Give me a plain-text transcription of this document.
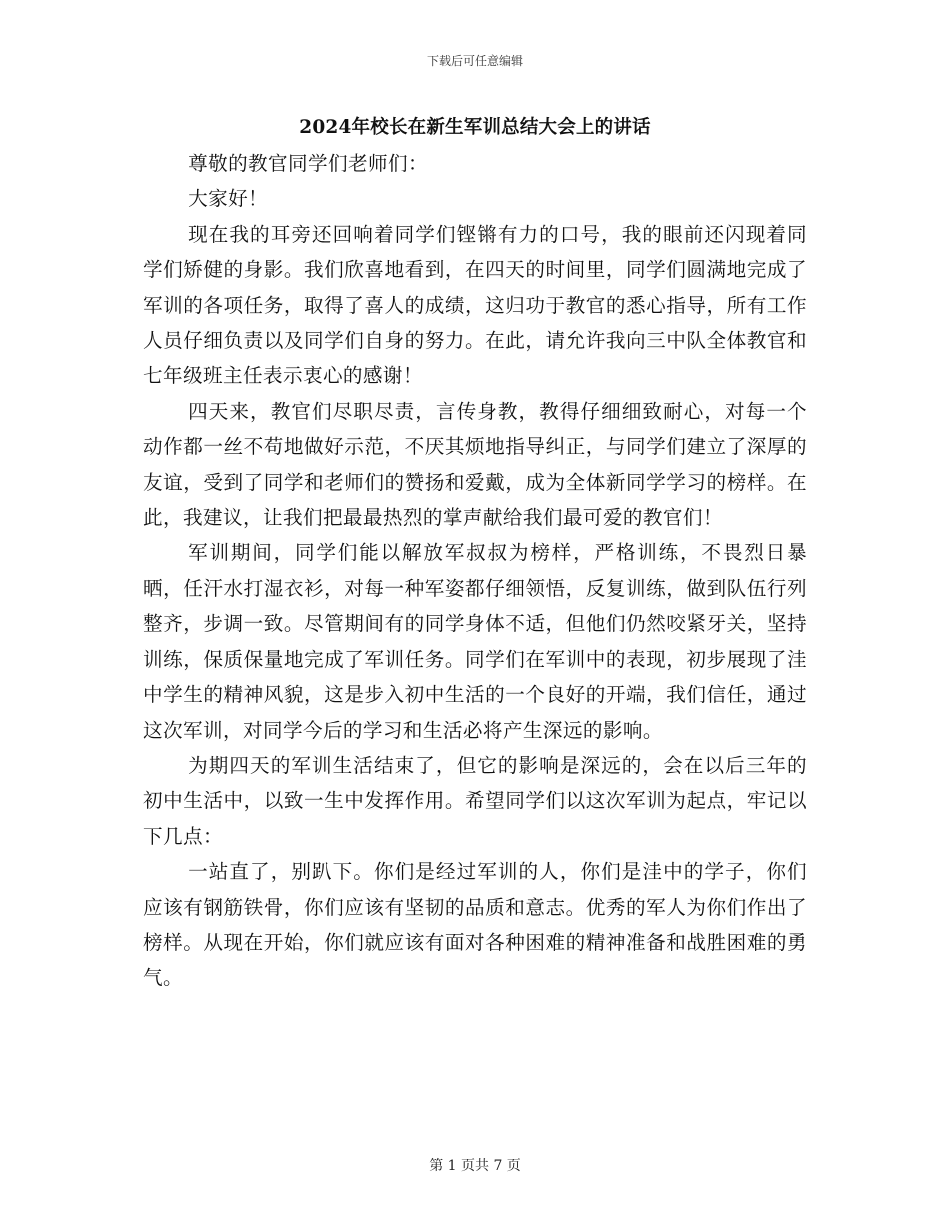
下载后可任意编辑
2024年校长在新生军训总结大会上的讲话

尊敬的教官同学们老师们：

大家好！

现在我的耳旁还回响着同学们铿锵有力的口号，我的眼前还闪现着同学们矫健的身影。我们欣喜地看到，在四天的时间里，同学们圆满地完成了军训的各项任务，取得了喜人的成绩，这归功于教官的悉心指导，所有工作人员仔细负责以及同学们自身的努力。在此，请允许我向三中队全体教官和七年级班主任表示衷心的感谢！

四天来，教官们尽职尽责，言传身教，教得仔细细致耐心，对每一个动作都一丝不苟地做好示范，不厌其烦地指导纠正，与同学们建立了深厚的友谊，受到了同学和老师们的赞扬和爱戴，成为全体新同学学习的榜样。在此，我建议，让我们把最最热烈的掌声献给我们最可爱的教官们！

军训期间，同学们能以解放军叔叔为榜样，严格训练，不畏烈日暴晒，任汗水打湿衣衫，对每一种军姿都仔细领悟，反复训练，做到队伍行列整齐，步调一致。尽管期间有的同学身体不适，但他们仍然咬紧牙关，坚持训练，保质保量地完成了军训任务。同学们在军训中的表现，初步展现了洼中学生的精神风貌，这是步入初中生活的一个良好的开端，我们信任，通过这次军训，对同学今后的学习和生活必将产生深远的影响。

为期四天的军训生活结束了，但它的影响是深远的，会在以后三年的初中生活中，以致一生中发挥作用。希望同学们以这次军训为起点，牢记以下几点：

一站直了，别趴下。你们是经过军训的人，你们是洼中的学子，你们应该有钢筋铁骨，你们应该有坚韧的品质和意志。优秀的军人为你们作出了榜样。从现在开始，你们就应该有面对各种困难的精神准备和战胜困难的勇气。

第 1 页共 7 页
